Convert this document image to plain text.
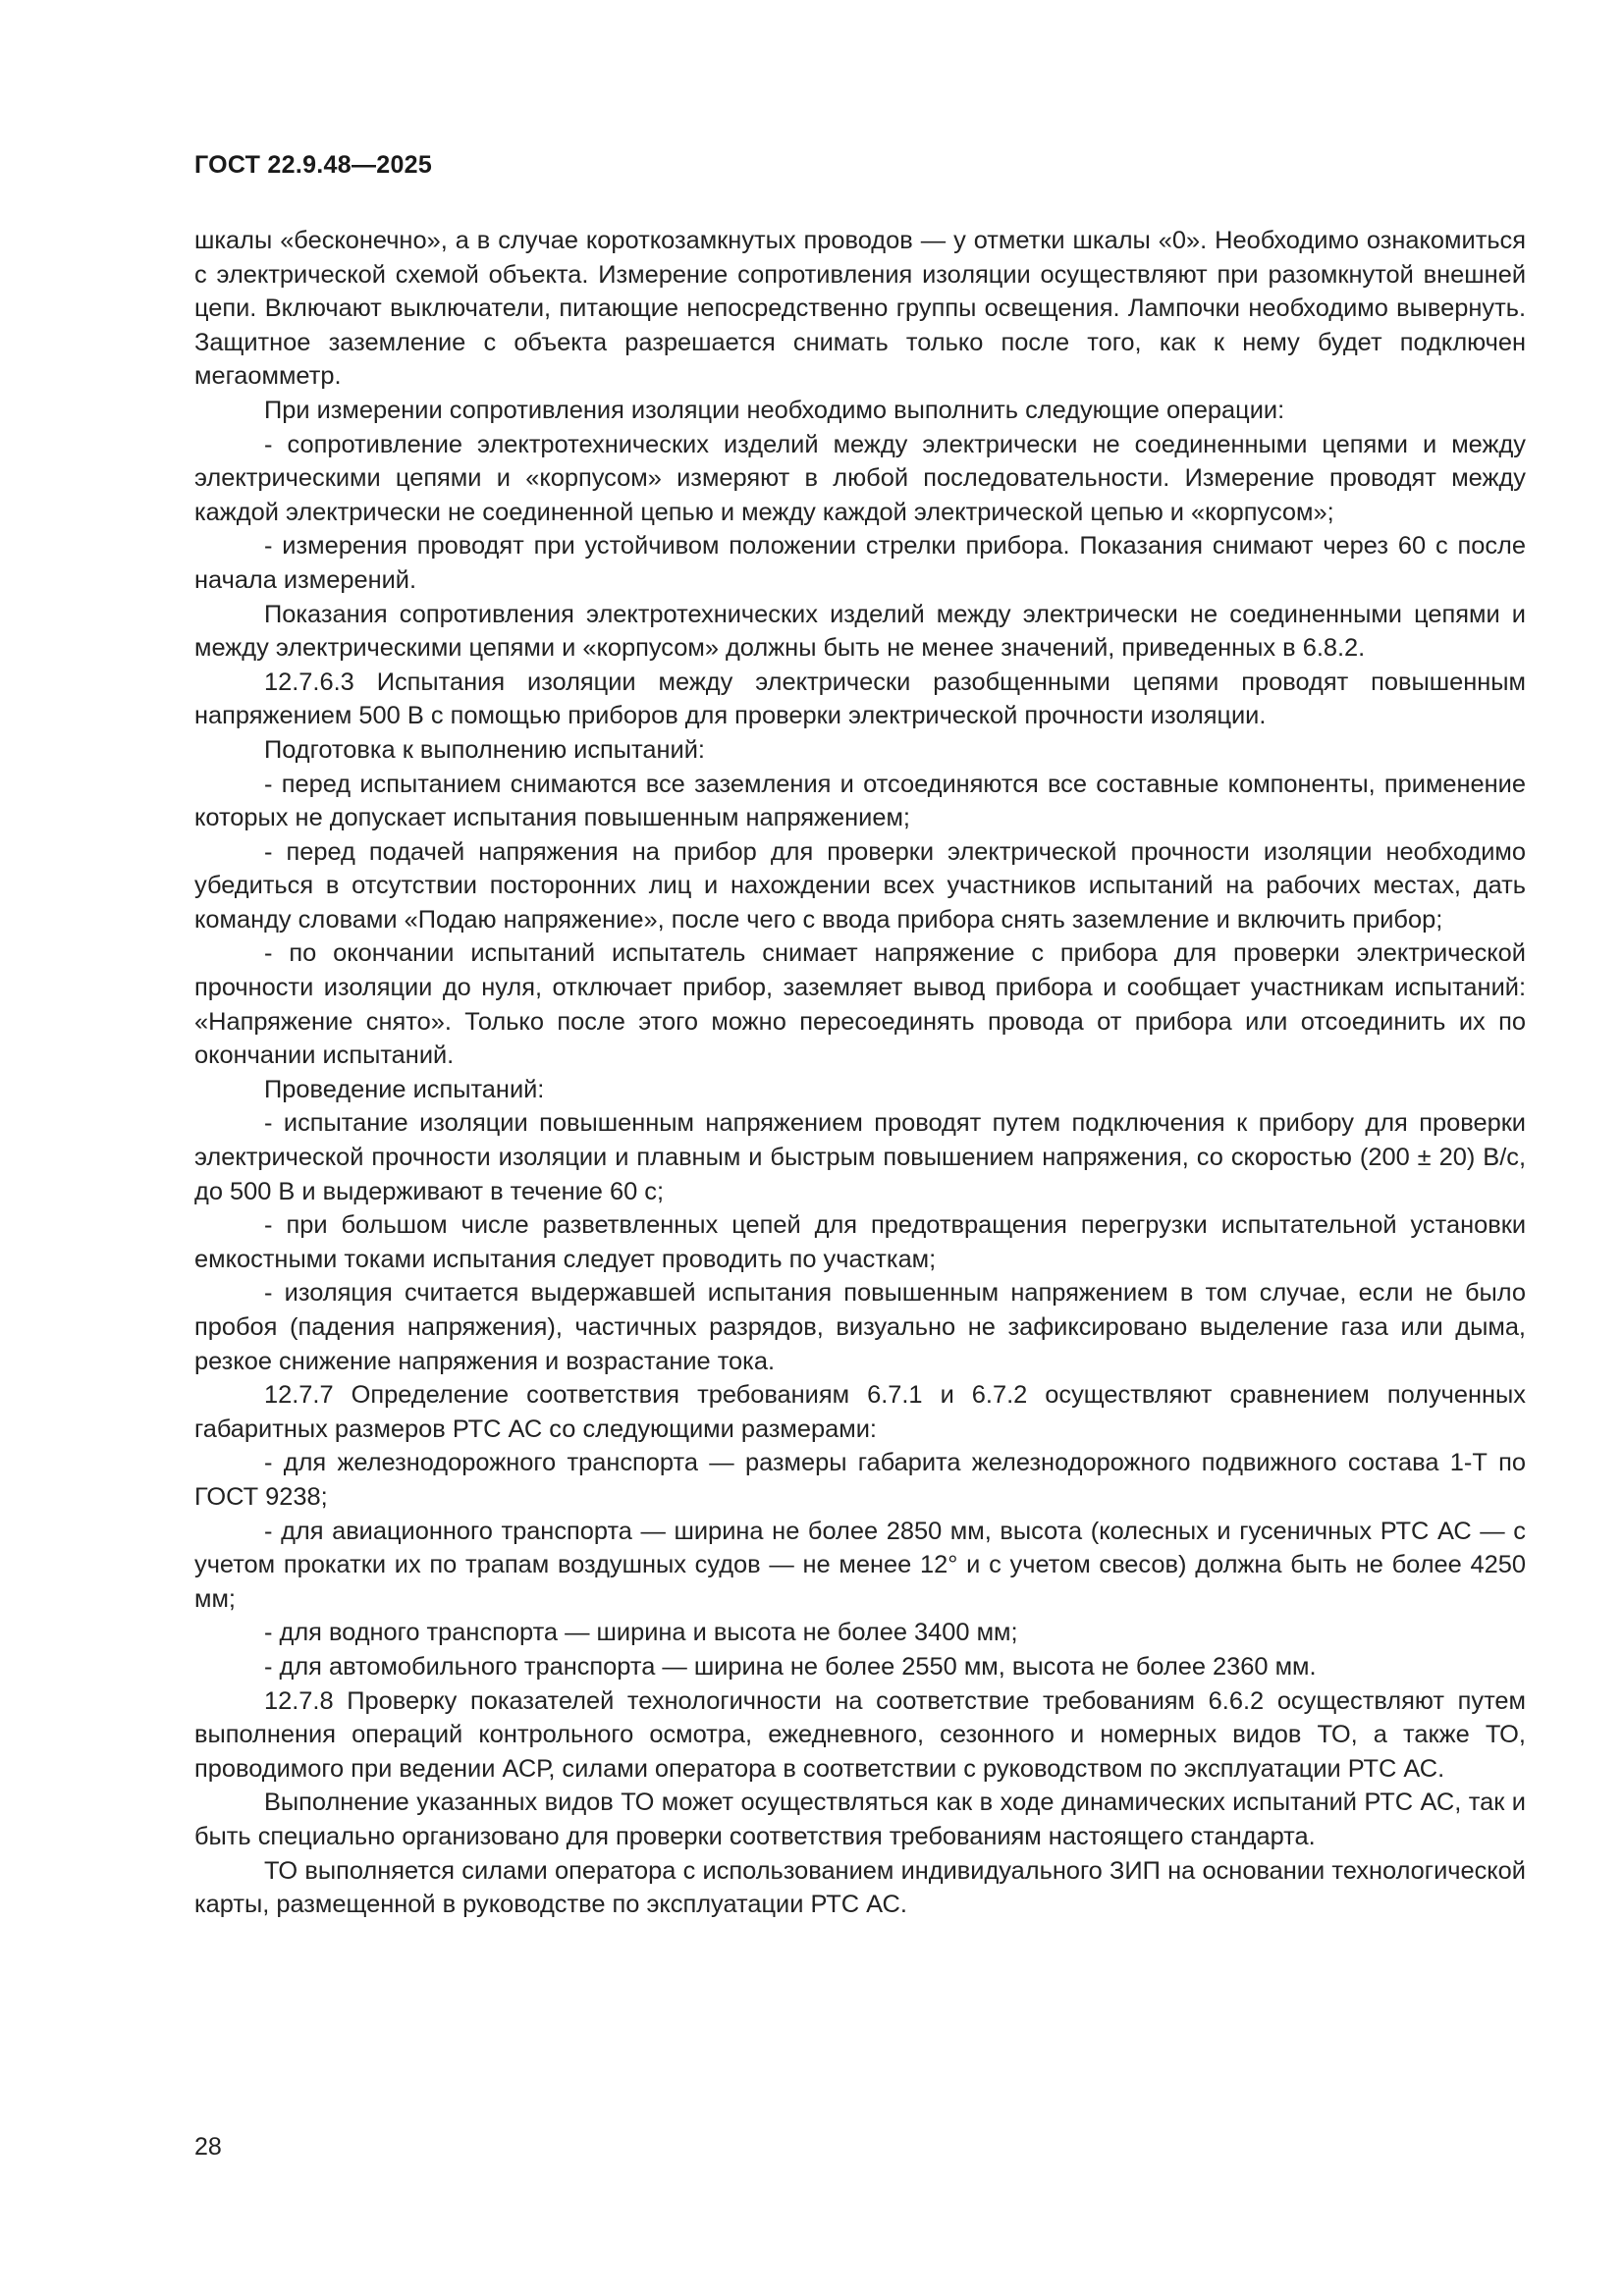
ГОСТ 22.9.48—2025

шкалы «бесконечно», а в случае короткозамкнутых проводов — у отметки шкалы «0». Необходимо ознакомиться с электрической схемой объекта. Измерение сопротивления изоляции осуществляют при разомкнутой внешней цепи. Включают выключатели, питающие непосредственно группы освещения. Лампочки необходимо вывернуть. Защитное заземление с объекта разрешается снимать только после того, как к нему будет подключен мегаомметр.

При измерении сопротивления изоляции необходимо выполнить следующие операции:

- сопротивление электротехнических изделий между электрически не соединенными цепями и между электрическими цепями и «корпусом» измеряют в любой последовательности. Измерение проводят между каждой электрически не соединенной цепью и между каждой электрической цепью и «корпусом»;

- измерения проводят при устойчивом положении стрелки прибора. Показания снимают через 60 с после начала измерений.

Показания сопротивления электротехнических изделий между электрически не соединенными цепями и между электрическими цепями и «корпусом» должны быть не менее значений, приведенных в 6.8.2.

12.7.6.3 Испытания изоляции между электрически разобщенными цепями проводят повышенным напряжением 500 В с помощью приборов для проверки электрической прочности изоляции.

Подготовка к выполнению испытаний:

- перед испытанием снимаются все заземления и отсоединяются все составные компоненты, применение которых не допускает испытания повышенным напряжением;

- перед подачей напряжения на прибор для проверки электрической прочности изоляции необходимо убедиться в отсутствии посторонних лиц и нахождении всех участников испытаний на рабочих местах, дать команду словами «Подаю напряжение», после чего с ввода прибора снять заземление и включить прибор;

- по окончании испытаний испытатель снимает напряжение с прибора для проверки электрической прочности изоляции до нуля, отключает прибор, заземляет вывод прибора и сообщает участникам испытаний: «Напряжение снято». Только после этого можно пересоединять провода от прибора или отсоединить их по окончании испытаний.

Проведение испытаний:

- испытание изоляции повышенным напряжением проводят путем подключения к прибору для проверки электрической прочности изоляции и плавным и быстрым повышением напряжения, со скоростью (200 ± 20) В/с, до 500 В и выдерживают в течение 60 с;

- при большом числе разветвленных цепей для предотвращения перегрузки испытательной установки емкостными токами испытания следует проводить по участкам;

- изоляция считается выдержавшей испытания повышенным напряжением в том случае, если не было пробоя (падения напряжения), частичных разрядов, визуально не зафиксировано выделение газа или дыма, резкое снижение напряжения и возрастание тока.

12.7.7 Определение соответствия требованиям 6.7.1 и 6.7.2 осуществляют сравнением полученных габаритных размеров РТС АС со следующими размерами:

- для железнодорожного транспорта — размеры габарита железнодорожного подвижного состава 1-Т по ГОСТ 9238;

- для авиационного транспорта — ширина не более 2850 мм, высота (колесных и гусеничных РТС АС — с учетом прокатки их по трапам воздушных судов — не менее 12° и с учетом свесов) должна быть не более 4250 мм;

- для водного транспорта — ширина и высота не более 3400 мм;

- для автомобильного транспорта — ширина не более 2550 мм, высота не более 2360 мм.

12.7.8 Проверку показателей технологичности на соответствие требованиям 6.6.2 осуществляют путем выполнения операций контрольного осмотра, ежедневного, сезонного и номерных видов ТО, а также ТО, проводимого при ведении АСР, силами оператора в соответствии с руководством по эксплуатации РТС АС.

Выполнение указанных видов ТО может осуществляться как в ходе динамических испытаний РТС АС, так и быть специально организовано для проверки соответствия требованиям настоящего стандарта.

ТО выполняется силами оператора с использованием индивидуального ЗИП на основании технологической карты, размещенной в руководстве по эксплуатации РТС АС.

28
